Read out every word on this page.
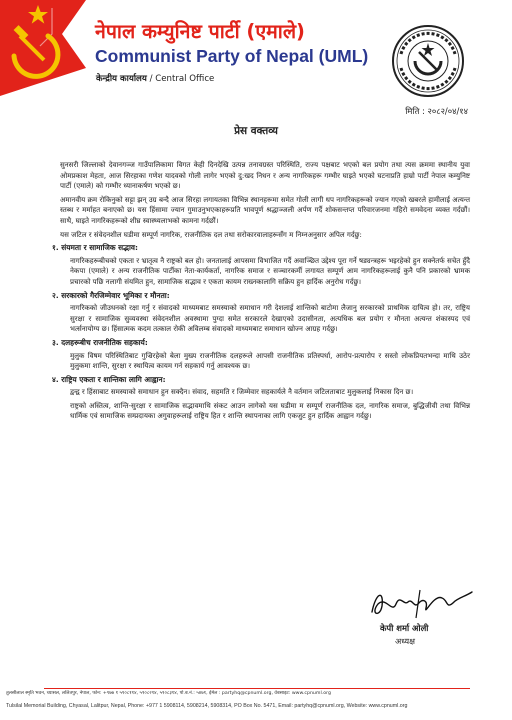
नेपाल कम्युनिष्ट पार्टी (एमाले)
Communist Party of Nepal (UML)
केन्द्रीय कार्यालय / Central Office
मिति : २०८२/०४/१४
प्रेस वक्तव्य

सुनसरी जिल्लाको देवानगञ्ज गाउँपालिकामा विगत केही दिनदेखि उत्पन्न तनावग्रस्त परिस्थिति, राज्य पक्षबाट भएको बल प्रयोग तथा त्यस क्रममा स्थानीय युवा ओमप्रकाश मेहता, आज सिरहाका गणेश यादवको गोली लागेर भएको दु:खद निधन र अन्य नागरिकहरू गम्भीर घाइते भएको घटनाप्रति हाम्रो पार्टी नेपाल कम्युनिष्ट पार्टी (एमाले) को गम्भीर ध्यानाकर्षण भएको छ।

अमानवीय क्रम रोकिनुको सट्टा झन् उग्र बन्दै आज सिरहा लगायतका विभिन्न स्थानहरूमा समेत गोली लागी धप नागरिकहरूको ज्यान गएको खबरले हामीलाई अत्यन्त स्तब्ध र मर्माहत बनाएको छ। यस हिंसामा ज्यान गुमाउनुभएकाहरूप्रति भावपूर्ण श्रद्धाञ्जली अर्पण गर्दै शोकसन्तप्त परिवारजनमा गहिरो समवेदना व्यक्त गर्दछौं। साथै, घाइते नागरिकहरूको शीघ्र स्वास्थ्यलाभको कामना गर्दछौं।

यस जटिल र संवेदनशील घडीमा सम्पूर्ण नागरिक, राजनीतिक दल तथा सरोकारवालाहरूसँग म निम्नअनुसार अपिल गर्दछु:

१. संयमता र सामाजिक सद्भाव:

नागरिकहरूबीचको एकता र भ्रातृत्व नै राष्ट्रको बल हो। जनतालाई आपसमा विभाजित गर्दै अवाञ्छित उद्देश्य पूरा गर्ने षड्यन्त्रहरू भइरहेको हुन सक्नेतर्फ सचेत हुँदै नेकपा (एमाले) र अन्य राजनीतिक पार्टीका नेता-कार्यकर्ता, नागरिक समाज र सञ्चारकर्मी लगायत सम्पूर्ण आम नागरिकहरूलाई कुनै पनि प्रकारको भ्रामक प्रचारको पछि नलागी संयमित हुन, सामाजिक सद्भाव र एकता कायम राख्नकालागि सक्रिय हुन हार्दिक अनुरोध गर्दछु।

२. सरकारको गैरजिम्मेवार भूमिका र मौनता:

नागरिकको जीउधनको रक्षा गर्नु र संवादको माध्यमबाट समस्याको समाधान गरी देशलाई शान्तिको बाटोमा लैजानु सरकारको प्राथमिक दायित्व हो। तर, राष्ट्रिय सुरक्षा र सामाजिक सुव्यवस्था संवेदनशील अवस्थामा पुग्दा समेत सरकारले देखाएको उदासीनता, अत्यधिक बल प्रयोग र मौनता अत्यन्त शंकास्पद एवं भर्त्सनायोग्य छ। हिंसात्मक कदम तत्काल रोकी अविलम्ब संवादको माध्यमबाट समाधान खोज्न आग्रह गर्दछु।

३. दलहरूबीच राजनीतिक सहकार्य:

मुलुक विषम परिस्थितिबाट गुज्रिरहेको बेला मुख्य राजनीतिक दलहरूले आपसी राजनीतिक प्रतिस्पर्धा, आरोप-प्रत्यारोप र सस्तो लोकप्रियतभन्दा माथि उठेर मुलुकमा शान्ति, सुरक्षा र स्थायित्व कायम गर्न सहकार्य गर्नु आवश्यक छ।

४. राष्ट्रिय एकता र शान्तिका लागि आह्वान:

द्वन्द्व र हिंसाबाट समस्याको समाधान हुन सक्दैन। संवाद, सहमति र जिम्मेवार सहकार्यले नै वर्तमान जटिलताबाट मुलुकलाई निकास दिन छ।

राष्ट्रको अस्तित्व, शान्ति-सुरक्षा र सामाजिक सद्भावमाथि संकट आउन लागेको यस घडीमा म सम्पूर्ण राजनीतिक दल, नागरिक समाज, बुद्धिजीवी तथा विभिन्न धार्मिक एवं सामाजिक सम्प्रदायका अगुवाहरूलाई राष्ट्रिय हित र शान्ति स्थापनाका लागि एकजुट हुन हार्दिक आह्वान गर्दछु।

केपी शर्मा ओली
अध्यक्ष
तुलसीलाल स्मृति भवन, च्यासल, ललितपुर, नेपाल, फोन: +९७७ १ ५९०८११४, ५९०८२१४, ५९०८३१४, पो.ब.नं.: ५४७१, ईमेल : partyhq@cpnuml.org, वेबसाइट: www.cpnuml.org
Tulsilal Memorial Building, Chyasal, Lalitpur, Nepal, Phone: +977 1 5908114, 5908214, 5908314, PO Box No. 5471, Email: partyhq@cpnuml.org, Website: www.cpnuml.org
